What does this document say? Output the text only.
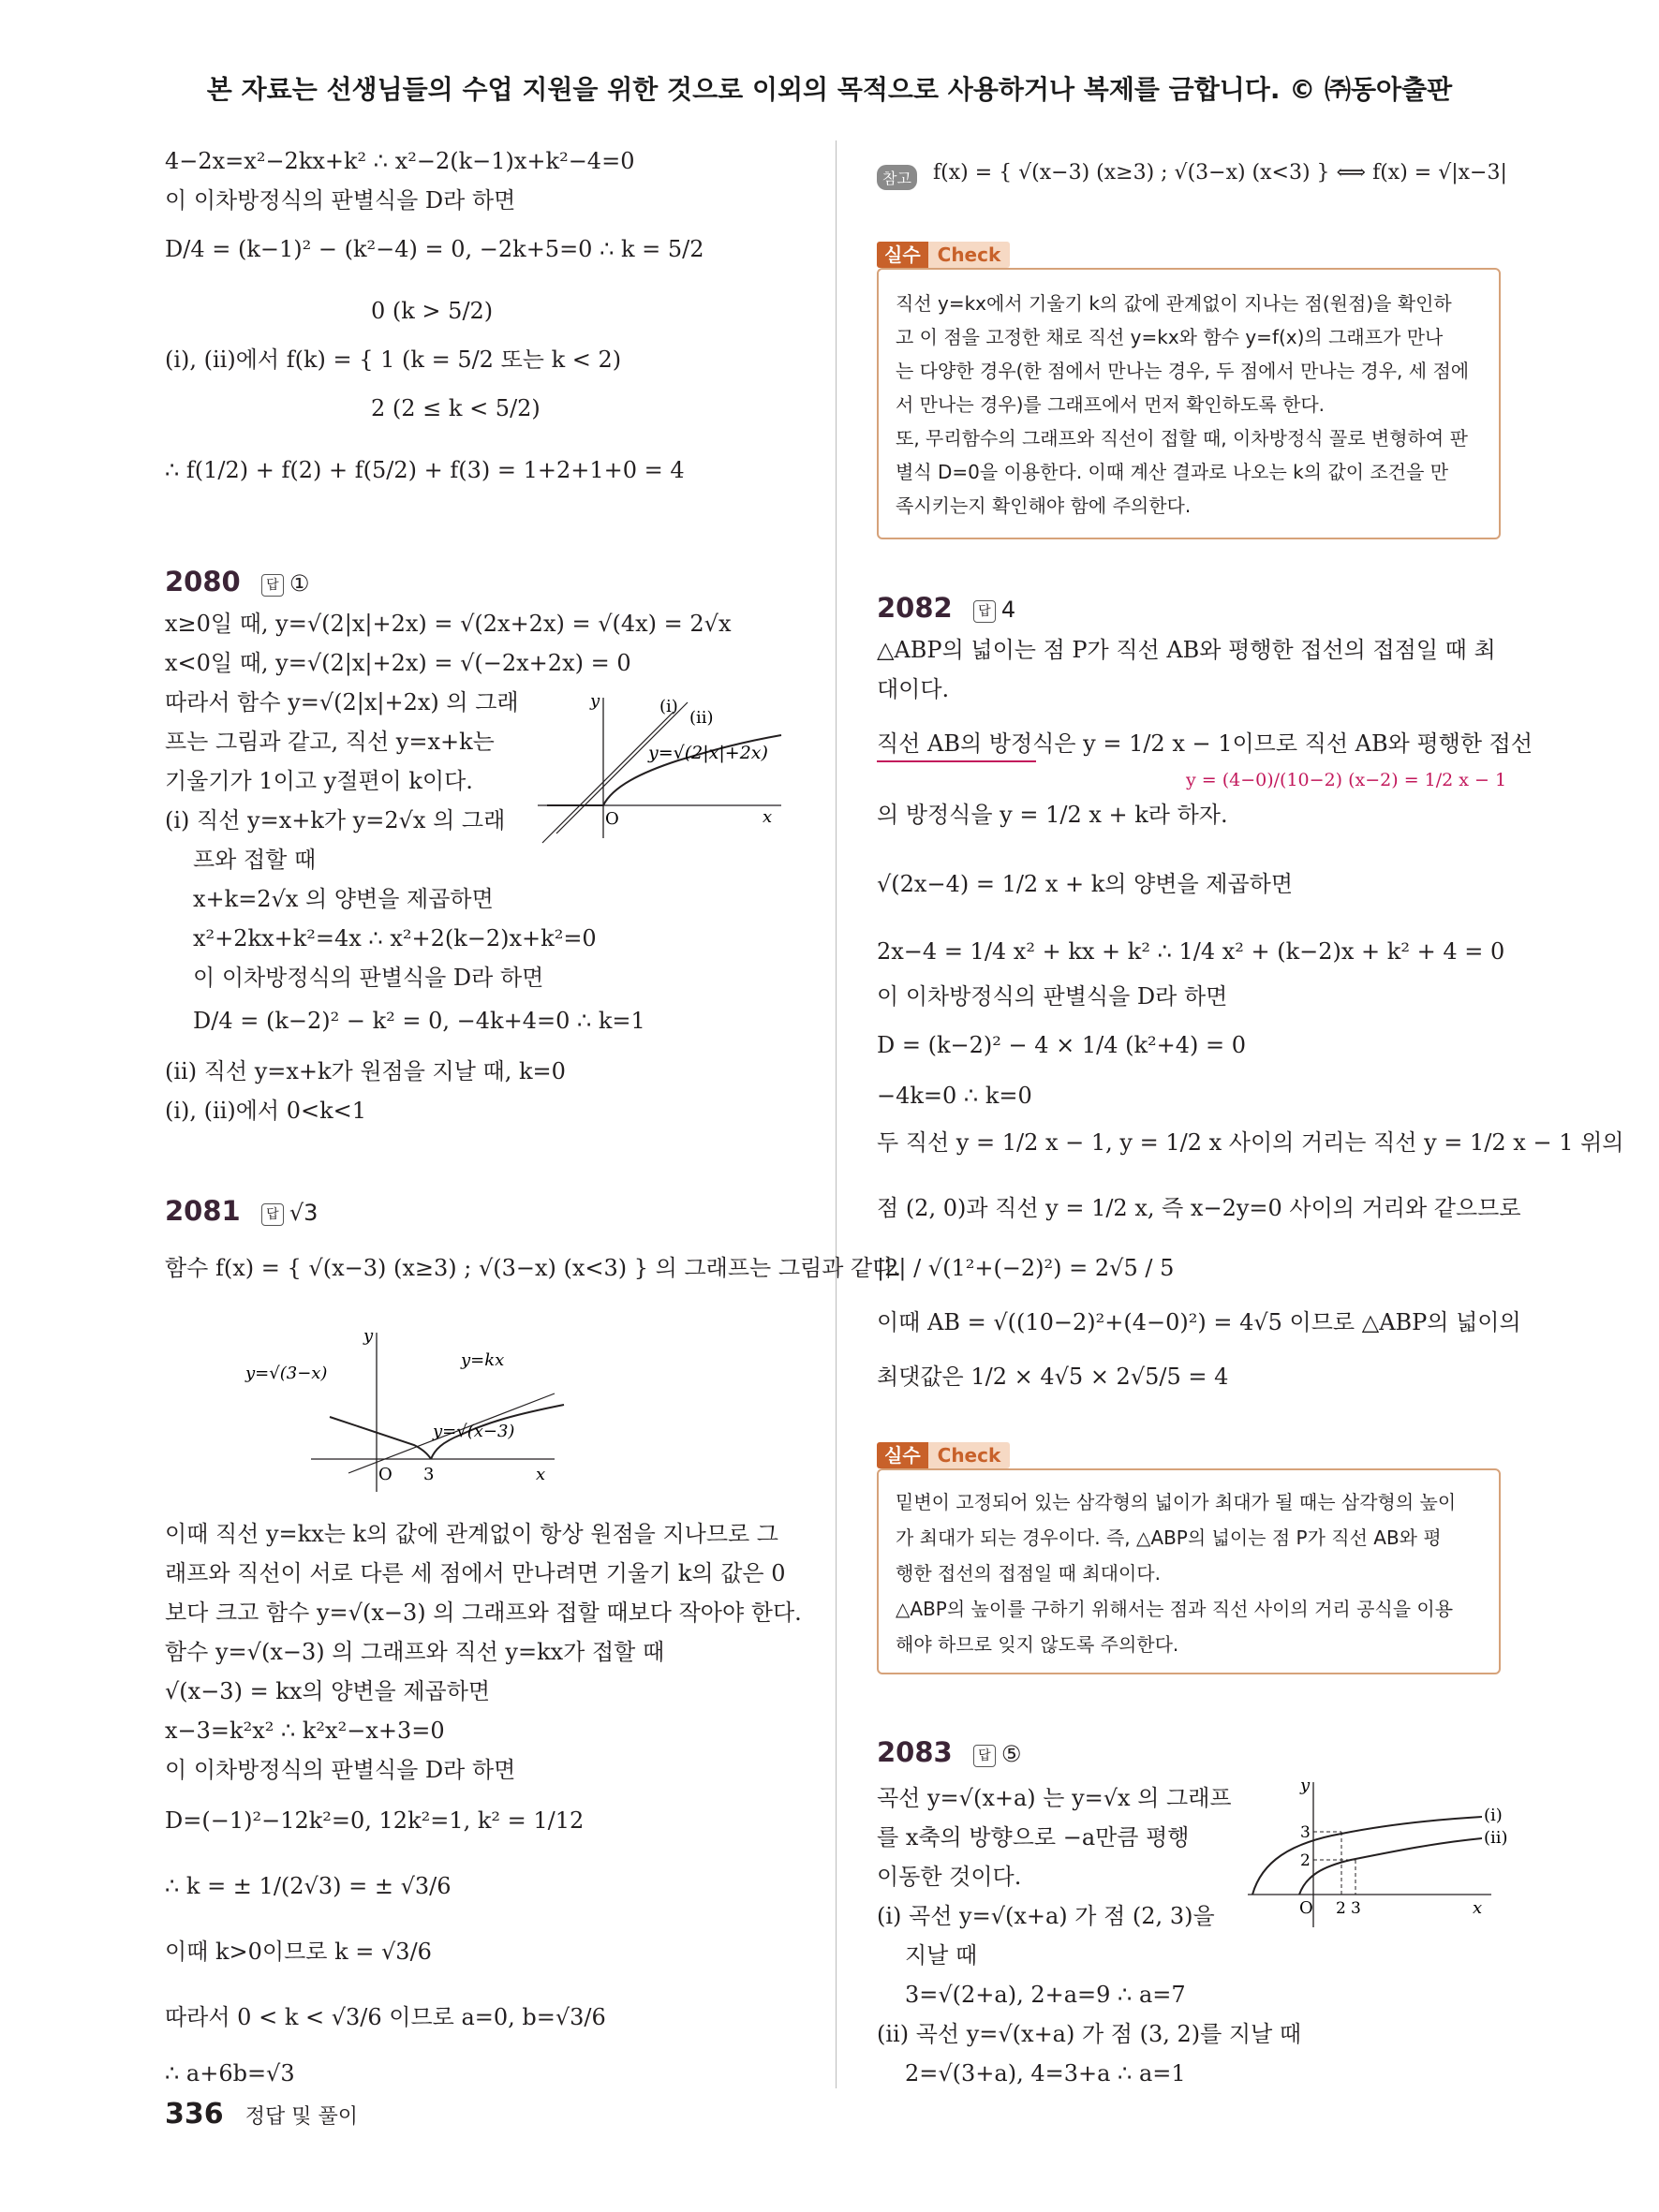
본 자료는 선생님들의 수업 지원을 위한 것으로 이외의 목적으로 사용하거나 복제를 금합니다. © ㈜동아출판
4−2x=x²−2kx+k² ∴ x²−2(k−1)x+k²−4=0
이 이차방정식의 판별식을 D라 하면
D/4 = (k−1)² − (k²−4) = 0, −2k+5=0 ∴ k = 5/2
0 (k > 5/2)
(ⅰ), (ⅱ)에서 f(k) = { 1 (k = 5/2 또는 k < 2)
2 (2 ≤ k < 5/2)
∴ f(1/2) + f(2) + f(5/2) + f(3) = 1+2+1+0 = 4
2080 답 ①
x≥0일 때, y=√(2|x|+2x) = √(2x+2x) = √(4x) = 2√x
x<0일 때, y=√(2|x|+2x) = √(−2x+2x) = 0
따라서 함수 y=√(2|x|+2x) 의 그래
프는 그림과 같고, 직선 y=x+k는
기울기가 1이고 y절편이 k이다.
(ⅰ) 직선 y=x+k가 y=2√x 의 그래
프와 접할 때
x+k=2√x 의 양변을 제곱하면
x²+2kx+k²=4x ∴ x²+2(k−2)x+k²=0
이 이차방정식의 판별식을 D라 하면
D/4 = (k−2)² − k² = 0, −4k+4=0 ∴ k=1
(ⅱ) 직선 y=x+k가 원점을 지날 때, k=0
(ⅰ), (ⅱ)에서 0<k<1
(ⅰ)
(ⅱ)
y=√(2|x|+2x)
O	x
y
2081 답 √3
함수 f(x) = { √(x−3) (x≥3) ; √(3−x) (x<3) } 의 그래프는 그림과 같다.
y=√(3−x)
y=kx
y=√(x−3)
O 3	x
y
이때 직선 y=kx는 k의 값에 관계없이 항상 원점을 지나므로 그
래프와 직선이 서로 다른 세 점에서 만나려면 기울기 k의 값은 0
보다 크고 함수 y=√(x−3) 의 그래프와 접할 때보다 작아야 한다.
함수 y=√(x−3) 의 그래프와 직선 y=kx가 접할 때
√(x−3) = kx의 양변을 제곱하면
x−3=k²x² ∴ k²x²−x+3=0
이 이차방정식의 판별식을 D라 하면
D=(−1)²−12k²=0, 12k²=1, k² = 1/12
∴ k = ± 1/(2√3) = ± √3/6
이때 k>0이므로 k = √3/6
따라서 0 < k < √3/6 이므로 a=0, b=√3/6
∴ a+6b=√3
참고 f(x) = { √(x−3) (x≥3) ; √(3−x) (x<3) } ⟺ f(x) = √|x−3|
실수 Check
직선 y=kx에서 기울기 k의 값에 관계없이 지나는 점(원점)을 확인하
고 이 점을 고정한 채로 직선 y=kx와 함수 y=f(x)의 그래프가 만나
는 다양한 경우(한 점에서 만나는 경우, 두 점에서 만나는 경우, 세 점에
서 만나는 경우)를 그래프에서 먼저 확인하도록 한다.
또, 무리함수의 그래프와 직선이 접할 때, 이차방정식 꼴로 변형하여 판
별식 D=0을 이용한다. 이때 계산 결과로 나오는 k의 값이 조건을 만
족시키는지 확인해야 함에 주의한다.
2082 답 4
△ABP의 넓이는 점 P가 직선 AB와 평행한 접선의 접점일 때 최
대이다.
직선 AB의 방정식은 y = 1/2 x − 1이므로 직선 AB와 평행한 접선
y = (4−0)/(10−2) (x−2) = 1/2 x − 1
의 방정식을 y = 1/2 x + k라 하자.
√(2x−4) = 1/2 x + k의 양변을 제곱하면
2x−4 = 1/4 x² + kx + k² ∴ 1/4 x² + (k−2)x + k² + 4 = 0
이 이차방정식의 판별식을 D라 하면
D = (k−2)² − 4 × 1/4 (k²+4) = 0
−4k=0 ∴ k=0
두 직선 y = 1/2 x − 1, y = 1/2 x 사이의 거리는 직선 y = 1/2 x − 1 위의
점 (2, 0)과 직선 y = 1/2 x, 즉 x−2y=0 사이의 거리와 같으므로
|2| / √(1²+(−2)²) = 2√5 / 5
이때 AB = √((10−2)²+(4−0)²) = 4√5 이므로 △ABP의 넓이의
최댓값은 1/2 × 4√5 × 2√5/5 = 4
실수 Check
밑변이 고정되어 있는 삼각형의 넓이가 최대가 될 때는 삼각형의 높이
가 최대가 되는 경우이다. 즉, △ABP의 넓이는 점 P가 직선 AB와 평
행한 접선의 접점일 때 최대이다.
△ABP의 높이를 구하기 위해서는 점과 직선 사이의 거리 공식을 이용
해야 하므로 잊지 않도록 주의한다.
2083 답 ⑤
곡선 y=√(x+a) 는 y=√x 의 그래프
를 x축의 방향으로 −a만큼 평행
이동한 것이다.
(ⅰ) 곡선 y=√(x+a) 가 점 (2, 3)을
지날 때
3=√(2+a), 2+a=9 ∴ a=7
(ⅱ) 곡선 y=√(x+a) 가 점 (3, 2)를 지날 때
2=√(3+a), 4=3+a ∴ a=1
(ⅰ)
(ⅱ)
3
2
O 2 3	x
y
336 정답 및 풀이
